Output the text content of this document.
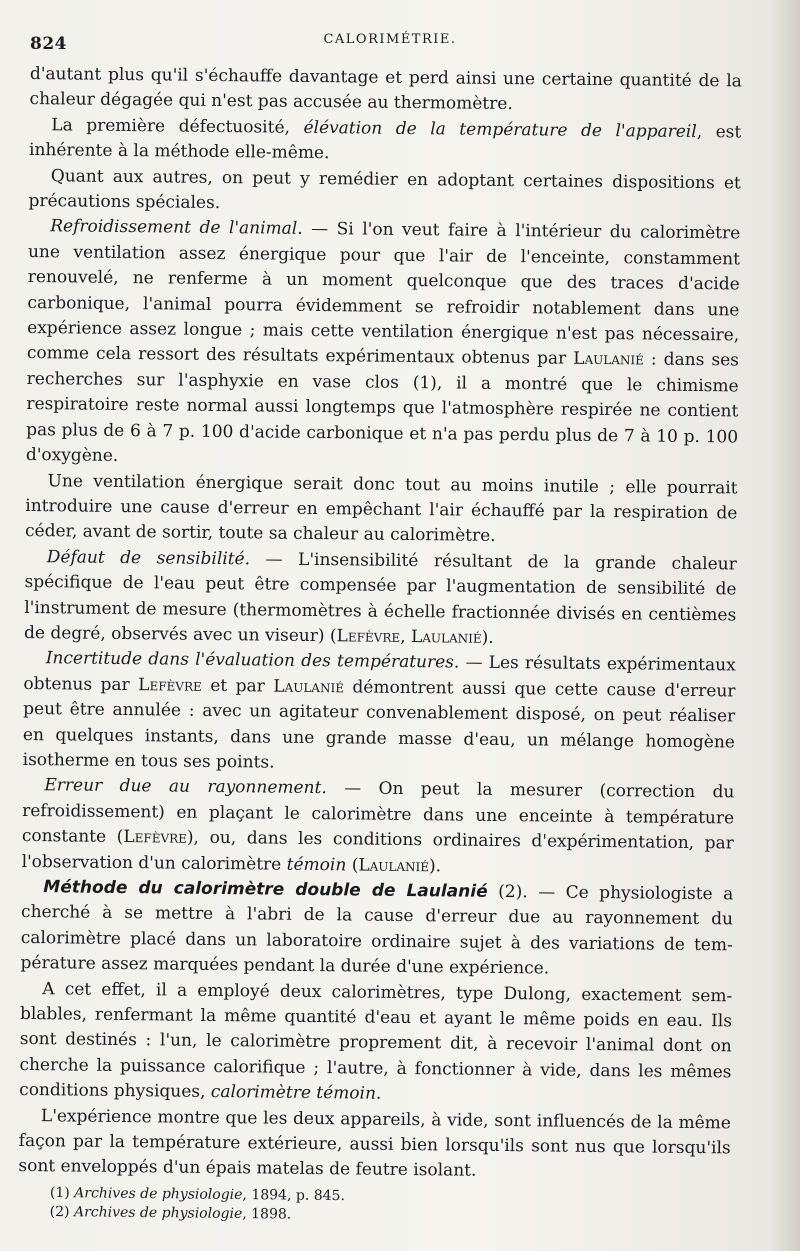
824	CALORIMÉTRIE.

d'autant plus qu'il s'échauffe davantage et perd ainsi une certaine quantité de la chaleur dégagée qui n'est pas accusée au thermomètre.

La première défectuosité, élévation de la température de l'appareil, est inhérente à la méthode elle-même.

Quant aux autres, on peut y remédier en adoptant certaines dispositions et précautions spéciales.

Refroidissement de l'animal. — Si l'on veut faire à l'intérieur du calorimètre une ventilation assez énergique pour que l'air de l'enceinte, constamment renouvelé, ne renferme à un moment quelconque que des traces d'acide carbonique, l'animal pourra évidemment se refroidir notablement dans une expérience assez longue ; mais cette ventilation énergique n'est pas nécessaire, comme cela ressort des résultats expérimentaux obtenus par Laulanié : dans ses recherches sur l'asphyxie en vase clos (1), il a montré que le chimisme respiratoire reste normal aussi longtemps que l'atmosphère respirée ne contient pas plus de 6 à 7 p. 100 d'acide carbonique et n'a pas perdu plus de 7 à 10 p. 100 d'oxygène.

Une ventilation énergique serait donc tout au moins inutile ; elle pourrait introduire une cause d'erreur en empêchant l'air échauffé par la respiration de céder, avant de sortir, toute sa chaleur au calorimètre.

Défaut de sensibilité. — L'insensibilité résultant de la grande chaleur spécifique de l'eau peut être compensée par l'augmentation de sensibilité de l'instrument de mesure (thermomètres à échelle fractionnée divisés en centièmes de degré, observés avec un viseur) (Lefèvre, Laulanié).

Incertitude dans l'évaluation des températures. — Les résultats expérimentaux obtenus par Lefèvre et par Laulanié démontrent aussi que cette cause d'erreur peut être annulée : avec un agitateur convenablement disposé, on peut réaliser en quelques instants, dans une grande masse d'eau, un mélange homogène isotherme en tous ses points.

Erreur due au rayonnement. — On peut la mesurer (correction du refroidissement) en plaçant le calorimètre dans une enceinte à température constante (Lefèvre), ou, dans les conditions ordinaires d'expérimentation, par l'observation d'un calorimètre témoin (Laulanié).

Méthode du calorimètre double de Laulanié (2). — Ce physiologiste a cherché à se mettre à l'abri de la cause d'erreur due au rayonnement du calorimètre placé dans un laboratoire ordinaire sujet à des variations de température assez marquées pendant la durée d'une expérience.

A cet effet, il a employé deux calorimètres, type Dulong, exactement semblables, renfermant la même quantité d'eau et ayant le même poids en eau. Ils sont destinés : l'un, le calorimètre proprement dit, à recevoir l'animal dont on cherche la puissance calorifique ; l'autre, à fonctionner à vide, dans les mêmes conditions physiques, calorimètre témoin.

L'expérience montre que les deux appareils, à vide, sont influencés de la même façon par la température extérieure, aussi bien lorsqu'ils sont nus que lorsqu'ils sont enveloppés d'un épais matelas de feutre isolant.

(1) Archives de physiologie, 1894, p. 845.
(2) Archives de physiologie, 1898.
